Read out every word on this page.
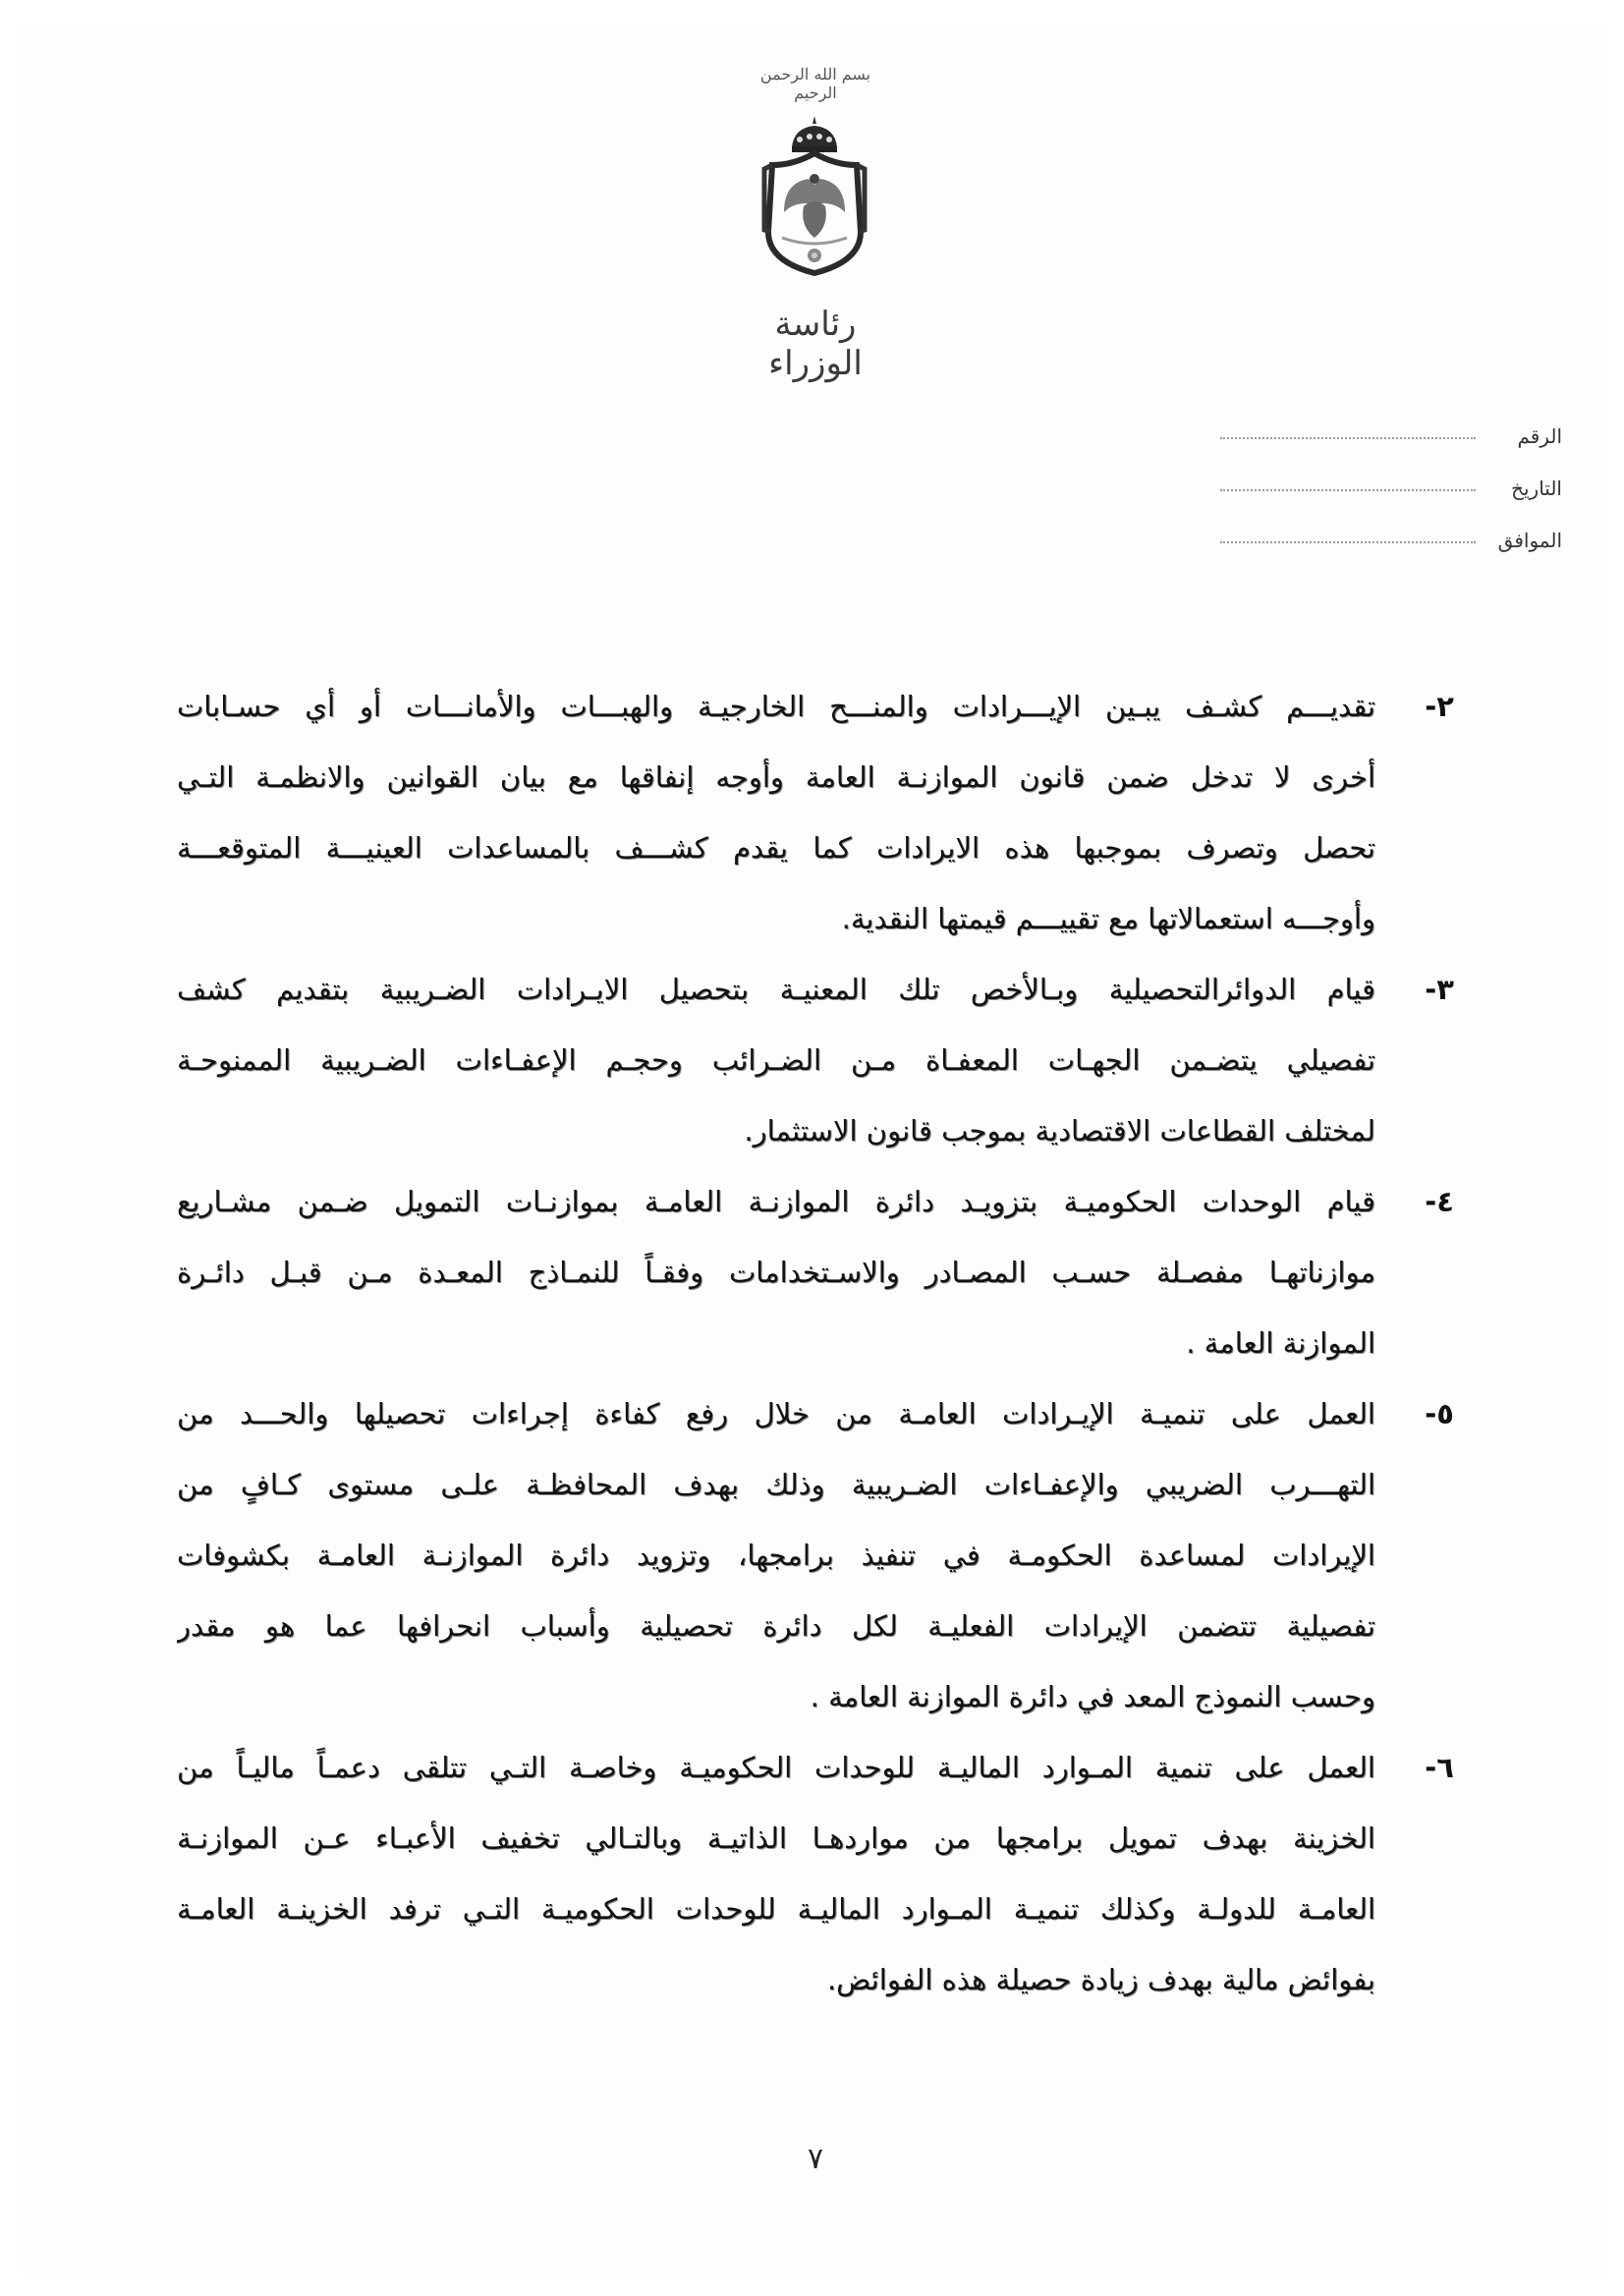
بسم الله الرحمن الرحيم
رئاسة الوزراء
الرقم
التاريخ
الموافق
٢-
تقديـــم كشـف يبـين الإيـــرادات والمنـــح الخارجيـة والهبـــات والأمانـــات أو أي حسـابات
أخرى لا تدخل ضمن قانون الموازنـة العامة وأوجه إنفاقها مع بيان القوانين والانظمـة التـي
تحصل وتصرف بموجبها هذه الايرادات كما يقدم كشـــف بالمساعدات العينيـــة المتوقعـــة
وأوجـــه استعمالاتها مع تقييـــم قيمتها النقدية.
٣-
قيام الدوائرالتحصيلية وبـالأخص تلك المعنيـة بتحصيل الايـرادات الضـريبية بتقديم كشف
تفصيلي يتضـمن الجهـات المعفـاة مـن الضـرائب وحجـم الإعفـاءات الضـريبية الممنوحـة
لمختلف القطاعات الاقتصادية بموجب قانون الاستثمار.
٤-
قيام الوحدات الحكوميـة بتزويـد دائرة الموازنـة العامـة بموازنـات التمويل ضـمن مشـاريع
موازناتهـا مفصـلة حسـب المصـادر والاسـتخدامات وفقـاً للنمـاذج المعـدة مـن قبـل دائـرة
الموازنة العامة .
٥-
العمل على تنميـة الإيـرادات العامـة من خلال رفع كفاءة إجراءات تحصيلها والحـــد من
التهـــرب الضريبي والإعفـاءات الضـريبية وذلك بهدف المحافظـة علـى مستوى كـافٍ من
الإيرادات لمساعدة الحكومـة في تنفيذ برامجها، وتزويد دائرة الموازنـة العامـة بكشوفات
تفصيلية تتضمن الإيرادات الفعليـة لكل دائرة تحصيلية وأسباب انحرافها عما هو مقدر
وحسب النموذج المعد في دائرة الموازنة العامة .
٦-
العمل على تنمية المـوارد الماليـة للوحدات الحكوميـة وخاصـة التـي تتلقى دعمـاً ماليـاً من
الخزينة بهدف تمويل برامجها من مواردهـا الذاتيـة وبالتـالي تخفيف الأعبـاء عـن الموازنـة
العامـة للدولـة وكذلك تنميـة المـوارد الماليـة للوحدات الحكوميـة التـي ترفد الخزينـة العامـة
بفوائض مالية بهدف زيادة حصيلة هذه الفوائض.
٧
